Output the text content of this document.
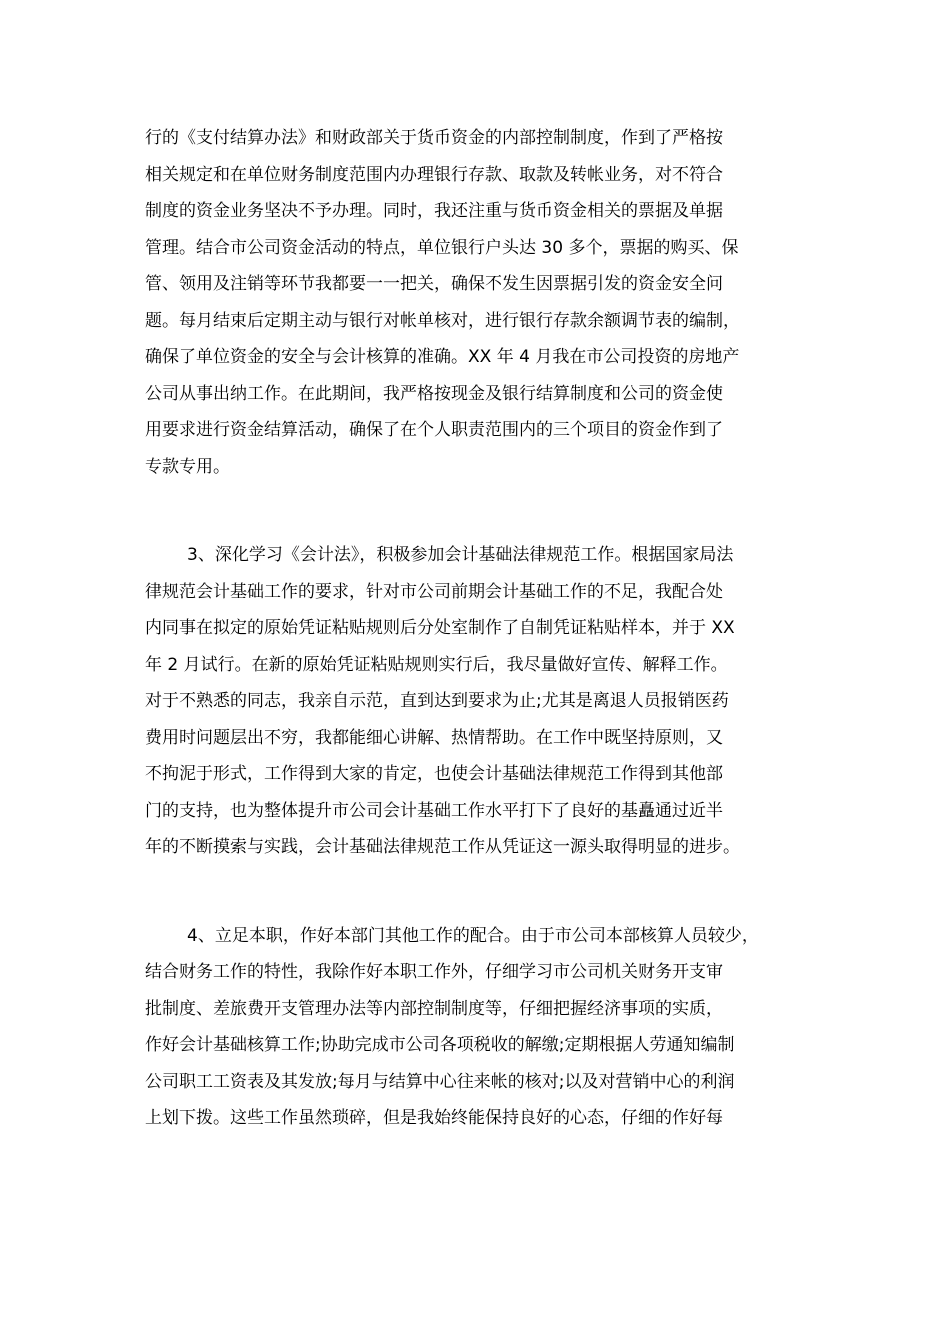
行的《支付结算办法》和财政部关于货币资金的内部控制制度，作到了严格按
相关规定和在单位财务制度范围内办理银行存款、取款及转帐业务，对不符合
制度的资金业务坚决不予办理。同时，我还注重与货币资金相关的票据及单据
管理。结合市公司资金活动的特点，单位银行户头达 30 多个，票据的购买、保
管、领用及注销等环节我都要一一把关，确保不发生因票据引发的资金安全问
题。每月结束后定期主动与银行对帐单核对，进行银行存款余额调节表的编制，
确保了单位资金的安全与会计核算的准确。XX 年 4 月我在市公司投资的房地产
公司从事出纳工作。在此期间，我严格按现金及银行结算制度和公司的资金使
用要求进行资金结算活动，确保了在个人职责范围内的三个项目的资金作到了
专款专用。
3、深化学习《会计法》，积极参加会计基础法律规范工作。根据国家局法
律规范会计基础工作的要求，针对市公司前期会计基础工作的不足，我配合处
内同事在拟定的原始凭证粘贴规则后分处室制作了自制凭证粘贴样本，并于 XX
年 2 月试行。在新的原始凭证粘贴规则实行后，我尽量做好宣传、解释工作。
对于不熟悉的同志，我亲自示范，直到达到要求为止;尤其是离退人员报销医药
费用时问题层出不穷，我都能细心讲解、热情帮助。在工作中既坚持原则，又
不拘泥于形式，工作得到大家的肯定，也使会计基础法律规范工作得到其他部
门的支持，也为整体提升市公司会计基础工作水平打下了良好的基矗通过近半
年的不断摸索与实践，会计基础法律规范工作从凭证这一源头取得明显的进步。
4、立足本职，作好本部门其他工作的配合。由于市公司本部核算人员较少，
结合财务工作的特性，我除作好本职工作外，仔细学习市公司机关财务开支审
批制度、差旅费开支管理办法等内部控制制度等，仔细把握经济事项的实质，
作好会计基础核算工作;协助完成市公司各项税收的解缴;定期根据人劳通知编制
公司职工工资表及其发放;每月与结算中心往来帐的核对;以及对营销中心的利润
上划下拨。这些工作虽然琐碎，但是我始终能保持良好的心态，仔细的作好每
